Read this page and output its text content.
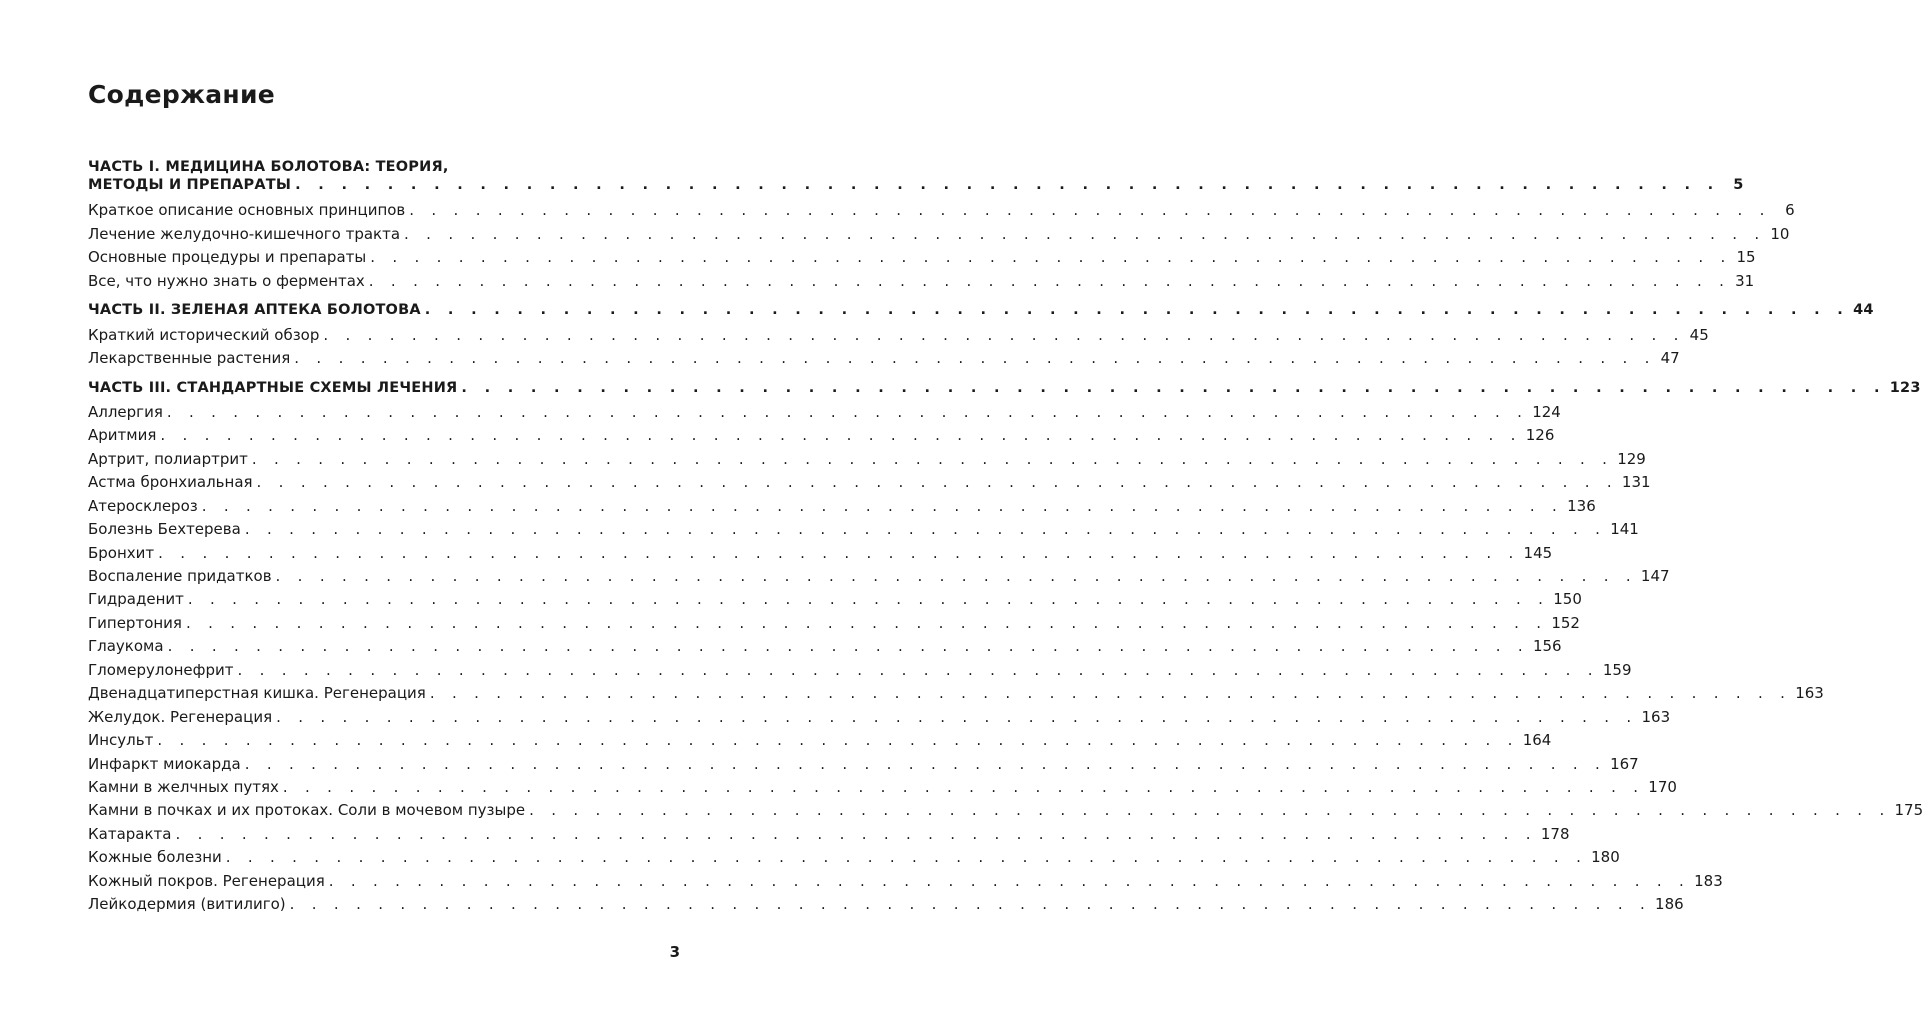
Содержание
ЧАСТЬ I. МЕДИЦИНА БОЛОТОВА: ТЕОРИЯ,
МЕТОДЫ И ПРЕПАРАТЫ . . . . . . . . . . . . . . . . . . . . . . . . . . . . . . . . . . . . . . . . . . . . . . . . . . . . . . . . . . . . . . 5
Краткое описание основных принципов . . . . . . . . . . . . . . . . . . . . . . . . . . . . . . . . . . . . . . . . . . . . . . . . . . . . . . . . . . . . . . 6
Лечение желудочно-кишечного тракта . . . . . . . . . . . . . . . . . . . . . . . . . . . . . . . . . . . . . . . . . . . . . . . . . . . . . . . . . . . . . . 10
Основные процедуры и препараты . . . . . . . . . . . . . . . . . . . . . . . . . . . . . . . . . . . . . . . . . . . . . . . . . . . . . . . . . . . . . . 15
Все, что нужно знать о ферментах . . . . . . . . . . . . . . . . . . . . . . . . . . . . . . . . . . . . . . . . . . . . . . . . . . . . . . . . . . . . . . 31
ЧАСТЬ II. ЗЕЛЕНАЯ АПТЕКА БОЛОТОВА . . . . . . . . . . . . . . . . . . . . . . . . . . . . . . . . . . . . . . . . . . . . . . . . . . . . . . . . . . . . . . 44
Краткий исторический обзор . . . . . . . . . . . . . . . . . . . . . . . . . . . . . . . . . . . . . . . . . . . . . . . . . . . . . . . . . . . . . . 45
Лекарственные растения . . . . . . . . . . . . . . . . . . . . . . . . . . . . . . . . . . . . . . . . . . . . . . . . . . . . . . . . . . . . . . 47
ЧАСТЬ III. СТАНДАРТНЫЕ СХЕМЫ ЛЕЧЕНИЯ . . . . . . . . . . . . . . . . . . . . . . . . . . . . . . . . . . . . . . . . . . . . . . . . . . . . . . . . . . . . . . 123
Аллергия . . . . . . . . . . . . . . . . . . . . . . . . . . . . . . . . . . . . . . . . . . . . . . . . . . . . . . . . . . . . . . 124
Аритмия . . . . . . . . . . . . . . . . . . . . . . . . . . . . . . . . . . . . . . . . . . . . . . . . . . . . . . . . . . . . . . 126
Артрит, полиартрит . . . . . . . . . . . . . . . . . . . . . . . . . . . . . . . . . . . . . . . . . . . . . . . . . . . . . . . . . . . . . . 129
Астма бронхиальная . . . . . . . . . . . . . . . . . . . . . . . . . . . . . . . . . . . . . . . . . . . . . . . . . . . . . . . . . . . . . . 131
Атеросклероз . . . . . . . . . . . . . . . . . . . . . . . . . . . . . . . . . . . . . . . . . . . . . . . . . . . . . . . . . . . . . . 136
Болезнь Бехтерева . . . . . . . . . . . . . . . . . . . . . . . . . . . . . . . . . . . . . . . . . . . . . . . . . . . . . . . . . . . . . . 141
Бронхит . . . . . . . . . . . . . . . . . . . . . . . . . . . . . . . . . . . . . . . . . . . . . . . . . . . . . . . . . . . . . . 145
Воспаление придатков . . . . . . . . . . . . . . . . . . . . . . . . . . . . . . . . . . . . . . . . . . . . . . . . . . . . . . . . . . . . . . 147
Гидраденит . . . . . . . . . . . . . . . . . . . . . . . . . . . . . . . . . . . . . . . . . . . . . . . . . . . . . . . . . . . . . . 150
Гипертония . . . . . . . . . . . . . . . . . . . . . . . . . . . . . . . . . . . . . . . . . . . . . . . . . . . . . . . . . . . . . . 152
Глаукома . . . . . . . . . . . . . . . . . . . . . . . . . . . . . . . . . . . . . . . . . . . . . . . . . . . . . . . . . . . . . . 156
Гломерулонефрит . . . . . . . . . . . . . . . . . . . . . . . . . . . . . . . . . . . . . . . . . . . . . . . . . . . . . . . . . . . . . . 159
Двенадцатиперстная кишка. Регенерация . . . . . . . . . . . . . . . . . . . . . . . . . . . . . . . . . . . . . . . . . . . . . . . . . . . . . . . . . . . . . . 163
Желудок. Регенерация . . . . . . . . . . . . . . . . . . . . . . . . . . . . . . . . . . . . . . . . . . . . . . . . . . . . . . . . . . . . . . 163
Инсульт . . . . . . . . . . . . . . . . . . . . . . . . . . . . . . . . . . . . . . . . . . . . . . . . . . . . . . . . . . . . . . 164
Инфаркт миокарда . . . . . . . . . . . . . . . . . . . . . . . . . . . . . . . . . . . . . . . . . . . . . . . . . . . . . . . . . . . . . . 167
Камни в желчных путях . . . . . . . . . . . . . . . . . . . . . . . . . . . . . . . . . . . . . . . . . . . . . . . . . . . . . . . . . . . . . . 170
Камни в почках и их протоках. Соли в мочевом пузыре . . . . . . . . . . . . . . . . . . . . . . . . . . . . . . . . . . . . . . . . . . . . . . . . . . . . . . . . . . . . . . 175
Катаракта . . . . . . . . . . . . . . . . . . . . . . . . . . . . . . . . . . . . . . . . . . . . . . . . . . . . . . . . . . . . . . 178
Кожные болезни . . . . . . . . . . . . . . . . . . . . . . . . . . . . . . . . . . . . . . . . . . . . . . . . . . . . . . . . . . . . . . 180
Кожный покров. Регенерация . . . . . . . . . . . . . . . . . . . . . . . . . . . . . . . . . . . . . . . . . . . . . . . . . . . . . . . . . . . . . . 183
Лейкодермия (витилиго) . . . . . . . . . . . . . . . . . . . . . . . . . . . . . . . . . . . . . . . . . . . . . . . . . . . . . . . . . . . . . . 186
3
